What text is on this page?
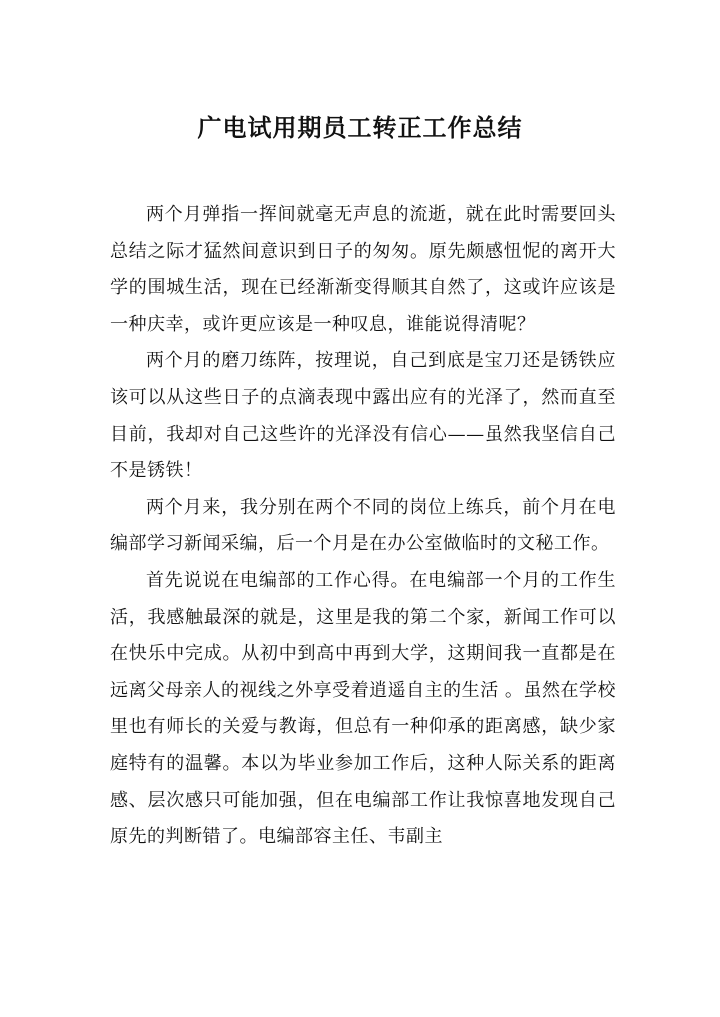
广电试用期员工转正工作总结

两个月弹指一挥间就毫无声息的流逝，就在此时需要回头总结之际才猛然间意识到日子的匆匆。原先颇感忸怩的离开大学的围城生活，现在已经渐渐变得顺其自然了，这或许应该是一种庆幸，或许更应该是一种叹息，谁能说得清呢？

两个月的磨刀练阵，按理说，自己到底是宝刀还是锈铁应该可以从这些日子的点滴表现中露出应有的光泽了，然而直至目前，我却对自己这些许的光泽没有信心——虽然我坚信自己不是锈铁！

两个月来，我分别在两个不同的岗位上练兵，前个月在电编部学习新闻采编，后一个月是在办公室做临时的文秘工作。

首先说说在电编部的工作心得。在电编部一个月的工作生活，我感触最深的就是，这里是我的第二个家，新闻工作可以在快乐中完成。从初中到高中再到大学，这期间我一直都是在远离父母亲人的视线之外享受着逍遥自主的生活 。虽然在学校里也有师长的关爱与教诲，但总有一种仰承的距离感，缺少家庭特有的温馨。本以为毕业参加工作后，这种人际关系的距离感、层次感只可能加强，但在电编部工作让我惊喜地发现自己原先的判断错了。电编部容主任、韦副主
